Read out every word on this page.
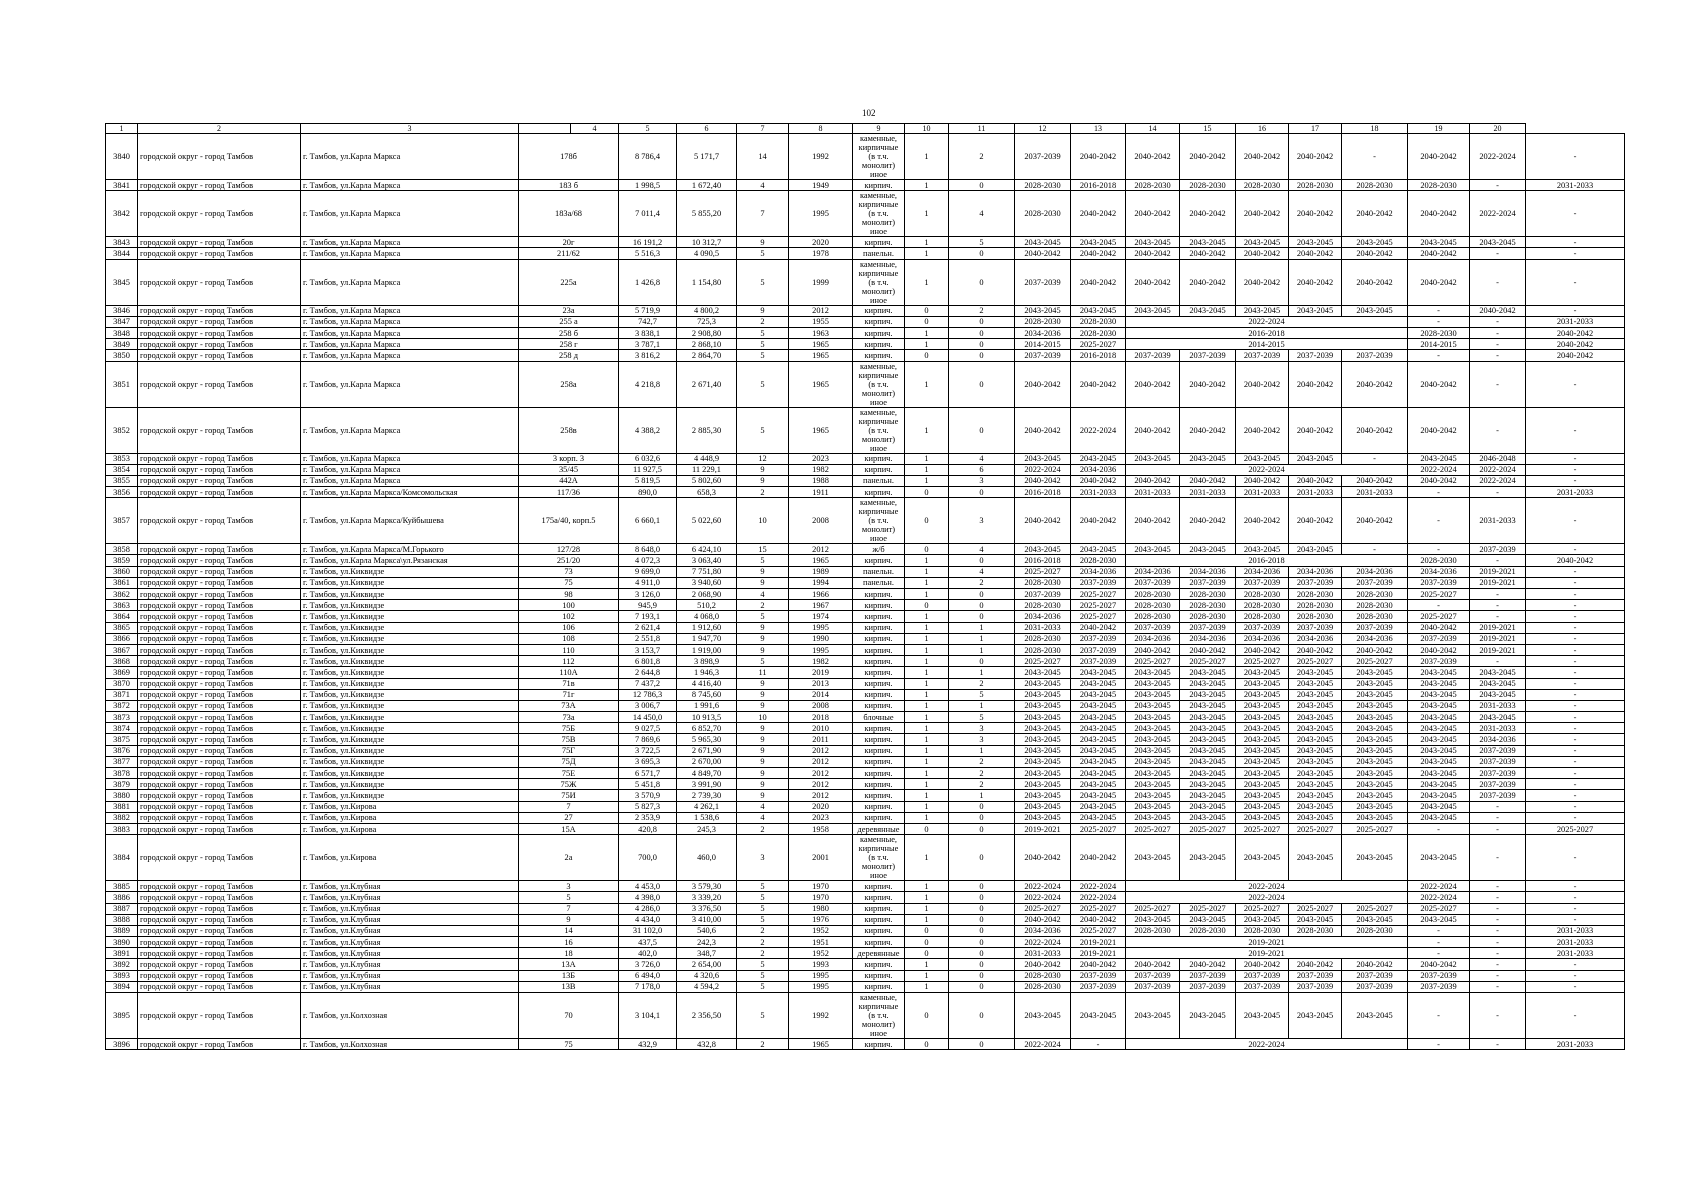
102
1	2	3		4	5	6	7	8	9	10	11	12	13	14	15	16	17	18	19	20	
3840	городской округ - город Тамбов	г. Тамбов, ул.Карла Маркса	178б		8 786,4	5 171,7	14	1992	каменные, кирпичные (в т.ч. монолит) иное	1	2	2037-2039	2040-2042	2040-2042	2040-2042	2040-2042	2040-2042	-	2040-2042	2022-2024	-
3841	городской округ - город Тамбов	г. Тамбов, ул.Карла Маркса	183 б		1 998,5	1 672,40	4	1949	кирпич.	1	0	2028-2030	2016-2018	2028-2030	2028-2030	2028-2030	2028-2030	2028-2030	2028-2030	-	2031-2033
3842	городской округ - город Тамбов	г. Тамбов, ул.Карла Маркса	183а/68		7 011,4	5 855,20	7	1995	каменные, кирпичные (в т.ч. монолит) иное	1	4	2028-2030	2040-2042	2040-2042	2040-2042	2040-2042	2040-2042	2040-2042	2040-2042	2022-2024	-
3843	городской округ - город Тамбов	г. Тамбов, ул.Карла Маркса	20г		16 191,2	10 312,7	9	2020	кирпич.	1	5	2043-2045	2043-2045	2043-2045	2043-2045	2043-2045	2043-2045	2043-2045	2043-2045	2043-2045	-
3844	городской округ - город Тамбов	г. Тамбов, ул.Карла Маркса	211/62		5 516,3	4 090,5	5	1978	панельн.	1	0	2040-2042	2040-2042	2040-2042	2040-2042	2040-2042	2040-2042	2040-2042	2040-2042	-	-
3845	городской округ - город Тамбов	г. Тамбов, ул.Карла Маркса	225а		1 426,8	1 154,80	5	1999	каменные, кирпичные (в т.ч. монолит) иное	1	0	2037-2039	2040-2042	2040-2042	2040-2042	2040-2042	2040-2042	2040-2042	2040-2042	-	-
3846	городской округ - город Тамбов	г. Тамбов, ул.Карла Маркса	23а		5 719,9	4 800,2	9	2012	кирпич.	0	2	2043-2045	2043-2045	2043-2045	2043-2045	2043-2045	2043-2045	2043-2045	-	2040-2042	-
3847	городской округ - город Тамбов	г. Тамбов, ул.Карла Маркса	255 а		742,7	725,3	2	1955	кирпич.	0	0	2028-2030	2028-2030	2022-2024					-	-	2031-2033
3848	городской округ - город Тамбов	г. Тамбов, ул.Карла Маркса	258 б		3 838,1	2 908,80	5	1963	кирпич.	1	0	2034-2036	2028-2030	2016-2018					2028-2030	-	2040-2042
3849	городской округ - город Тамбов	г. Тамбов, ул.Карла Маркса	258 г		3 787,1	2 868,10	5	1965	кирпич.	1	0	2014-2015	2025-2027	2014-2015					2014-2015	-	2040-2042
3850	городской округ - город Тамбов	г. Тамбов, ул.Карла Маркса	258 д		3 816,2	2 864,70	5	1965	кирпич.	0	0	2037-2039	2016-2018	2037-2039	2037-2039	2037-2039	2037-2039	2037-2039	-	-	2040-2042
3851	городской округ - город Тамбов	г. Тамбов, ул.Карла Маркса	258а		4 218,8	2 671,40	5	1965	каменные, кирпичные (в т.ч. монолит) иное	1	0	2040-2042	2040-2042	2040-2042	2040-2042	2040-2042	2040-2042	2040-2042	2040-2042	-	-
3852	городской округ - город Тамбов	г. Тамбов, ул.Карла Маркса	258в		4 388,2	2 885,30	5	1965	каменные, кирпичные (в т.ч. монолит) иное	1	0	2040-2042	2022-2024	2040-2042	2040-2042	2040-2042	2040-2042	2040-2042	2040-2042	-	-
3853	городской округ - город Тамбов	г. Тамбов, ул.Карла Маркса	3 корп. 3		6 032,6	4 448,9	12	2023	кирпич.	1	4	2043-2045	2043-2045	2043-2045	2043-2045	2043-2045	2043-2045	-	2043-2045	2046-2048	-
3854	городской округ - город Тамбов	г. Тамбов, ул.Карла Маркса	35/45		11 927,5	11 229,1	9	1982	кирпич.	1	6	2022-2024	2034-2036	2022-2024					2022-2024	2022-2024	-
3855	городской округ - город Тамбов	г. Тамбов, ул.Карла Маркса	442А		5 819,5	5 802,60	9	1988	панельн.	1	3	2040-2042	2040-2042	2040-2042	2040-2042	2040-2042	2040-2042	2040-2042	2040-2042	2022-2024	-
3856	городской округ - город Тамбов	г. Тамбов, ул.Карла Маркса/Комсомольская	117/36		890,0	658,3	2	1911	кирпич.	0	0	2016-2018	2031-2033	2031-2033	2031-2033	2031-2033	2031-2033	2031-2033	-	-	2031-2033
3857	городской округ - город Тамбов	г. Тамбов, ул.Карла Маркса/Куйбышева	175а/40, корп.5		6 660,1	5 022,60	10	2008	каменные, кирпичные (в т.ч. монолит) иное	0	3	2040-2042	2040-2042	2040-2042	2040-2042	2040-2042	2040-2042	2040-2042	-	2031-2033	-
3858	городской округ - город Тамбов	г. Тамбов, ул.Карла Маркса/М.Горького	127/28		8 648,0	6 424,10	15	2012	ж/б	0	4	2043-2045	2043-2045	2043-2045	2043-2045	2043-2045	2043-2045	-	-	2037-2039	-
3859	городской округ - город Тамбов	г. Тамбов, ул.Карла Маркса\ул.Рязанская	251/20		4 072,3	3 063,40	5	1965	кирпич.	1	0	2016-2018	2028-2030	2016-2018					2028-2030	-	2040-2042
3860	городской округ - город Тамбов	г. Тамбов, ул.Киквидзе	73		9 699,0	7 751,80	9	1989	панельн.	1	4	2025-2027	2034-2036	2034-2036	2034-2036	2034-2036	2034-2036	2034-2036	2034-2036	2019-2021	-
3861	городской округ - город Тамбов	г. Тамбов, ул.Киквидзе	75		4 911,0	3 940,60	9	1994	панельн.	1	2	2028-2030	2037-2039	2037-2039	2037-2039	2037-2039	2037-2039	2037-2039	2037-2039	2019-2021	-
3862	городской округ - город Тамбов	г. Тамбов, ул.Киквидзе	98		3 126,0	2 068,90	4	1966	кирпич.	1	0	2037-2039	2025-2027	2028-2030	2028-2030	2028-2030	2028-2030	2028-2030	2025-2027	-	-
3863	городской округ - город Тамбов	г. Тамбов, ул.Киквидзе	100		945,9	510,2	2	1967	кирпич.	0	0	2028-2030	2025-2027	2028-2030	2028-2030	2028-2030	2028-2030	2028-2030	-	-	-
3864	городской округ - город Тамбов	г. Тамбов, ул.Киквидзе	102		7 193,1	4 068,0	5	1974	кирпич.	1	0	2034-2036	2025-2027	2028-2030	2028-2030	2028-2030	2028-2030	2028-2030	2025-2027	-	-
3865	городской округ - город Тамбов	г. Тамбов, ул.Киквидзе	106		2 621,4	1 912,60	9	1995	кирпич.	1	1	2031-2033	2040-2042	2037-2039	2037-2039	2037-2039	2037-2039	2037-2039	2040-2042	2019-2021	-
3866	городской округ - город Тамбов	г. Тамбов, ул.Киквидзе	108		2 551,8	1 947,70	9	1990	кирпич.	1	1	2028-2030	2037-2039	2034-2036	2034-2036	2034-2036	2034-2036	2034-2036	2037-2039	2019-2021	-
3867	городской округ - город Тамбов	г. Тамбов, ул.Киквидзе	110		3 153,7	1 919,00	9	1995	кирпич.	1	1	2028-2030	2037-2039	2040-2042	2040-2042	2040-2042	2040-2042	2040-2042	2040-2042	2019-2021	-
3868	городской округ - город Тамбов	г. Тамбов, ул.Киквидзе	112		6 801,8	3 898,9	5	1982	кирпич.	1	0	2025-2027	2037-2039	2025-2027	2025-2027	2025-2027	2025-2027	2025-2027	2037-2039	-	-
3869	городской округ - город Тамбов	г. Тамбов, ул.Киквидзе	110А		2 644,8	1 946,3	11	2019	кирпич.	1	1	2043-2045	2043-2045	2043-2045	2043-2045	2043-2045	2043-2045	2043-2045	2043-2045	2043-2045	-
3870	городской округ - город Тамбов	г. Тамбов, ул.Киквидзе	71в		7 437,2	4 416,40	9	2013	кирпич.	1	2	2043-2045	2043-2045	2043-2045	2043-2045	2043-2045	2043-2045	2043-2045	2043-2045	2043-2045	-
3871	городской округ - город Тамбов	г. Тамбов, ул.Киквидзе	71г		12 786,3	8 745,60	9	2014	кирпич.	1	5	2043-2045	2043-2045	2043-2045	2043-2045	2043-2045	2043-2045	2043-2045	2043-2045	2043-2045	-
3872	городской округ - город Тамбов	г. Тамбов, ул.Киквидзе	73А		3 006,7	1 991,6	9	2008	кирпич.	1	1	2043-2045	2043-2045	2043-2045	2043-2045	2043-2045	2043-2045	2043-2045	2043-2045	2031-2033	-
3873	городской округ - город Тамбов	г. Тамбов, ул.Киквидзе	73а		14 450,0	10 913,5	10	2018	блочные	1	5	2043-2045	2043-2045	2043-2045	2043-2045	2043-2045	2043-2045	2043-2045	2043-2045	2043-2045	-
3874	городской округ - город Тамбов	г. Тамбов, ул.Киквидзе	75Б		9 027,5	6 852,70	9	2010	кирпич.	1	3	2043-2045	2043-2045	2043-2045	2043-2045	2043-2045	2043-2045	2043-2045	2043-2045	2031-2033	-
3875	городской округ - город Тамбов	г. Тамбов, ул.Киквидзе	75В		7 869,6	5 965,30	9	2011	кирпич.	1	3	2043-2045	2043-2045	2043-2045	2043-2045	2043-2045	2043-2045	2043-2045	2043-2045	2034-2036	-
3876	городской округ - город Тамбов	г. Тамбов, ул.Киквидзе	75Г		3 722,5	2 671,90	9	2012	кирпич.	1	1	2043-2045	2043-2045	2043-2045	2043-2045	2043-2045	2043-2045	2043-2045	2043-2045	2037-2039	-
3877	городской округ - город Тамбов	г. Тамбов, ул.Киквидзе	75Д		3 695,3	2 670,00	9	2012	кирпич.	1	2	2043-2045	2043-2045	2043-2045	2043-2045	2043-2045	2043-2045	2043-2045	2043-2045	2037-2039	-
3878	городской округ - город Тамбов	г. Тамбов, ул.Киквидзе	75Е		6 571,7	4 849,70	9	2012	кирпич.	1	2	2043-2045	2043-2045	2043-2045	2043-2045	2043-2045	2043-2045	2043-2045	2043-2045	2037-2039	-
3879	городской округ - город Тамбов	г. Тамбов, ул.Киквидзе	75Ж		5 451,8	3 991,90	9	2012	кирпич.	1	2	2043-2045	2043-2045	2043-2045	2043-2045	2043-2045	2043-2045	2043-2045	2043-2045	2037-2039	-
3880	городской округ - город Тамбов	г. Тамбов, ул.Киквидзе	75И		3 570,9	2 739,30	9	2012	кирпич.	1	1	2043-2045	2043-2045	2043-2045	2043-2045	2043-2045	2043-2045	2043-2045	2043-2045	2037-2039	-
3881	городской округ - город Тамбов	г. Тамбов, ул.Кирова	7		5 827,3	4 262,1	4	2020	кирпич.	1	0	2043-2045	2043-2045	2043-2045	2043-2045	2043-2045	2043-2045	2043-2045	2043-2045	-	-
3882	городской округ - город Тамбов	г. Тамбов, ул.Кирова	27		2 353,9	1 538,6	4	2023	кирпич.	1	0	2043-2045	2043-2045	2043-2045	2043-2045	2043-2045	2043-2045	2043-2045	2043-2045	-	-
3883	городской округ - город Тамбов	г. Тамбов, ул.Кирова	15А		420,8	245,3	2	1958	деревянные	0	0	2019-2021	2025-2027	2025-2027	2025-2027	2025-2027	2025-2027	2025-2027	-	-	2025-2027
3884	городской округ - город Тамбов	г. Тамбов, ул.Кирова	2а		700,0	460,0	3	2001	каменные, кирпичные (в т.ч. монолит) иное	1	0	2040-2042	2040-2042	2043-2045	2043-2045	2043-2045	2043-2045	2043-2045	2043-2045	-	-
3885	городской округ - город Тамбов	г. Тамбов, ул.Клубная	3		4 453,0	3 579,30	5	1970	кирпич.	1	0	2022-2024	2022-2024	2022-2024					2022-2024	-	-
3886	городской округ - город Тамбов	г. Тамбов, ул.Клубная	5		4 398,0	3 339,20	5	1970	кирпич.	1	0	2022-2024	2022-2024	2022-2024					2022-2024	-	-
3887	городской округ - город Тамбов	г. Тамбов, ул.Клубная	7		4 286,0	3 376,50	5	1980	кирпич.	1	0	2025-2027	2025-2027	2025-2027	2025-2027	2025-2027	2025-2027	2025-2027	2025-2027	-	-
3888	городской округ - город Тамбов	г. Тамбов, ул.Клубная	9		4 434,0	3 410,00	5	1976	кирпич.	1	0	2040-2042	2040-2042	2043-2045	2043-2045	2043-2045	2043-2045	2043-2045	2043-2045	-	-
3889	городской округ - город Тамбов	г. Тамбов, ул.Клубная	14		31 102,0	540,6	2	1952	кирпич.	0	0	2034-2036	2025-2027	2028-2030	2028-2030	2028-2030	2028-2030	2028-2030	-	-	2031-2033
3890	городской округ - город Тамбов	г. Тамбов, ул.Клубная	16		437,5	242,3	2	1951	кирпич.	0	0	2022-2024	2019-2021	2019-2021					-	-	2031-2033
3891	городской округ - город Тамбов	г. Тамбов, ул.Клубная	18		402,0	348,7	2	1952	деревянные	0	0	2031-2033	2019-2021	2019-2021					-	-	2031-2033
3892	городской округ - город Тамбов	г. Тамбов, ул.Клубная	13А		3 726,0	2 654,00	5	1993	кирпич.	1	0	2040-2042	2040-2042	2040-2042	2040-2042	2040-2042	2040-2042	2040-2042	2040-2042	-	-
3893	городской округ - город Тамбов	г. Тамбов, ул.Клубная	13Б		6 494,0	4 320,6	5	1995	кирпич.	1	0	2028-2030	2037-2039	2037-2039	2037-2039	2037-2039	2037-2039	2037-2039	2037-2039	-	-
3894	городской округ - город Тамбов	г. Тамбов, ул.Клубная	13В		7 178,0	4 594,2	5	1995	кирпич.	1	0	2028-2030	2037-2039	2037-2039	2037-2039	2037-2039	2037-2039	2037-2039	2037-2039	-	-
3895	городской округ - город Тамбов	г. Тамбов, ул.Колхозная	70		3 104,1	2 356,50	5	1992	каменные, кирпичные (в т.ч. монолит) иное	0	0	2043-2045	2043-2045	2043-2045	2043-2045	2043-2045	2043-2045	2043-2045	-	-	-
3896	городской округ - город Тамбов	г. Тамбов, ул.Колхозная	75		432,9	432,8	2	1965	кирпич.	0	0	2022-2024	-	2022-2024					-	-	2031-2033
